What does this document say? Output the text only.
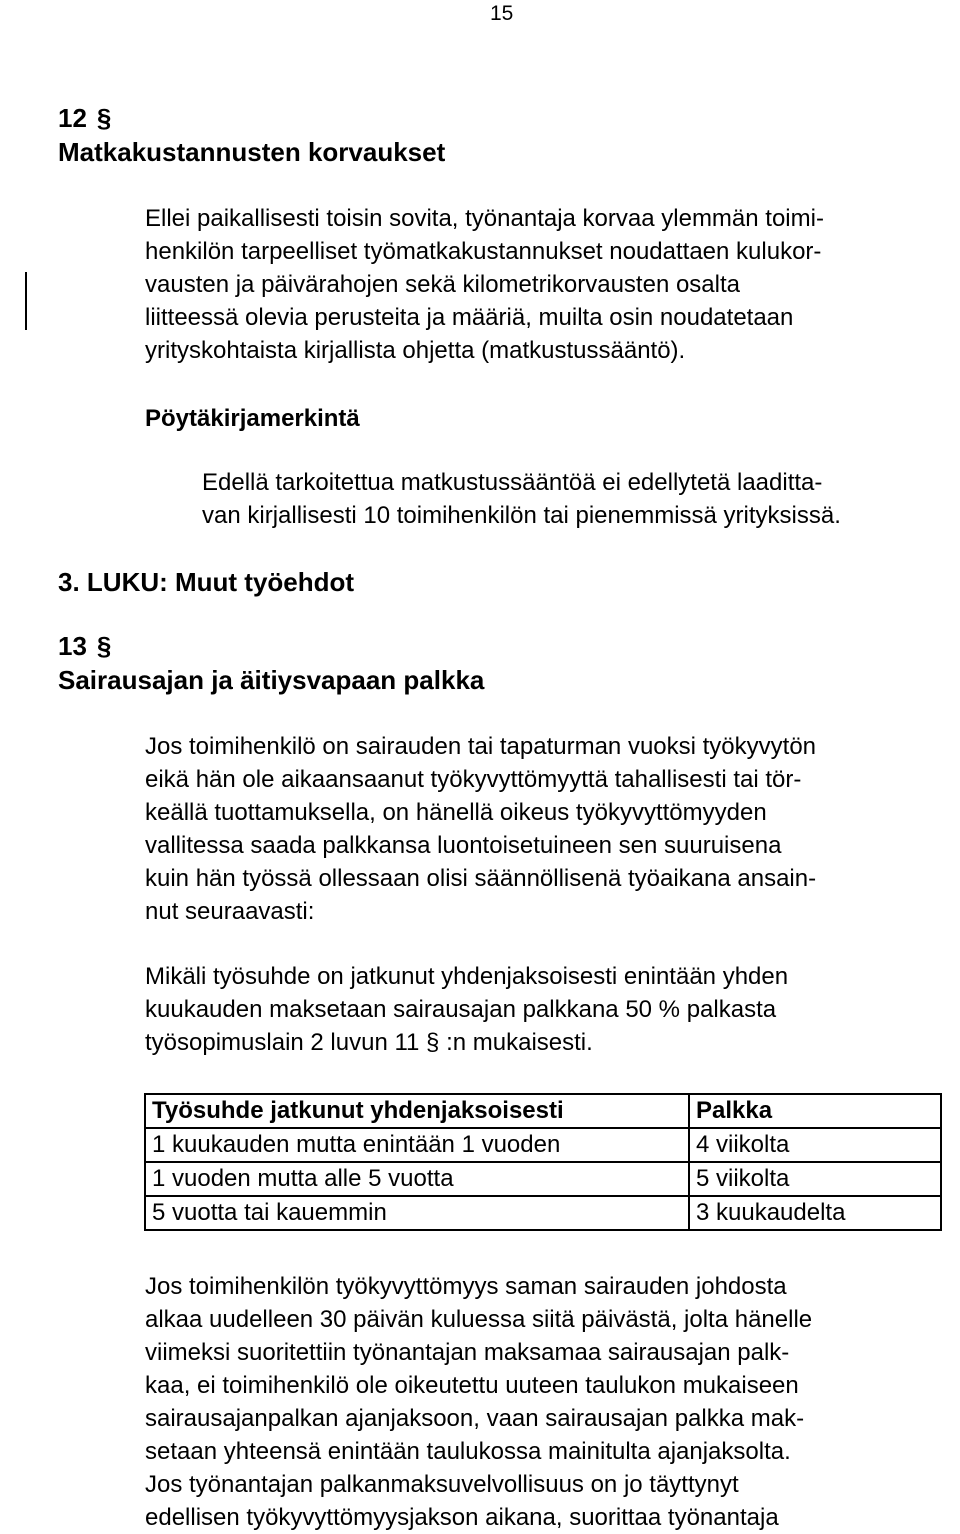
15
12 §
Matkakustannusten korvaukset
Ellei paikallisesti toisin sovita, työnantaja korvaa ylemmän toimi-
henkilön tarpeelliset työmatkakustannukset noudattaen kulukor-
vausten ja päivärahojen sekä kilometrikorvausten osalta
liitteessä olevia perusteita ja määriä, muilta osin noudatetaan
yrityskohtaista kirjallista ohjetta (matkustussääntö).
Pöytäkirjamerkintä
Edellä tarkoitettua matkustussääntöä ei edellytetä laaditta-
van kirjallisesti 10 toimihenkilön tai pienemmissä yrityksissä.
3. LUKU: Muut työehdot
13 §
Sairausajan ja äitiysvapaan palkka
Jos toimihenkilö on sairauden tai tapaturman vuoksi työkyvytön
eikä hän ole aikaansaanut työkyvyttömyyttä tahallisesti tai tör-
keällä tuottamuksella, on hänellä oikeus työkyvyttömyyden
vallitessa saada palkkansa luontoisetuineen sen suuruisena
kuin hän työssä ollessaan olisi säännöllisenä työaikana ansain-
nut seuraavasti:
Mikäli työsuhde on jatkunut yhdenjaksoisesti enintään yhden
kuukauden maksetaan sairausajan palkkana 50 % palkasta
työsopimuslain 2 luvun 11 § :n mukaisesti.
Työsuhde jatkunut yhdenjaksoisesti	Palkka
1 kuukauden mutta enintään 1 vuoden	4 viikolta
1 vuoden mutta alle 5 vuotta	5 viikolta
5 vuotta tai kauemmin	3 kuukaudelta
Jos toimihenkilön työkyvyttömyys saman sairauden johdosta
alkaa uudelleen 30 päivän kuluessa siitä päivästä, jolta hänelle
viimeksi suoritettiin työnantajan maksamaa sairausajan palk-
kaa, ei toimihenkilö ole oikeutettu uuteen taulukon mukaiseen
sairausajanpalkan ajanjaksoon, vaan sairausajan palkka mak-
setaan yhteensä enintään taulukossa mainitulta ajanjaksolta.
Jos työnantajan palkanmaksuvelvollisuus on jo täyttynyt
edellisen työkyvyttömyysjakson aikana, suorittaa työnantaja
